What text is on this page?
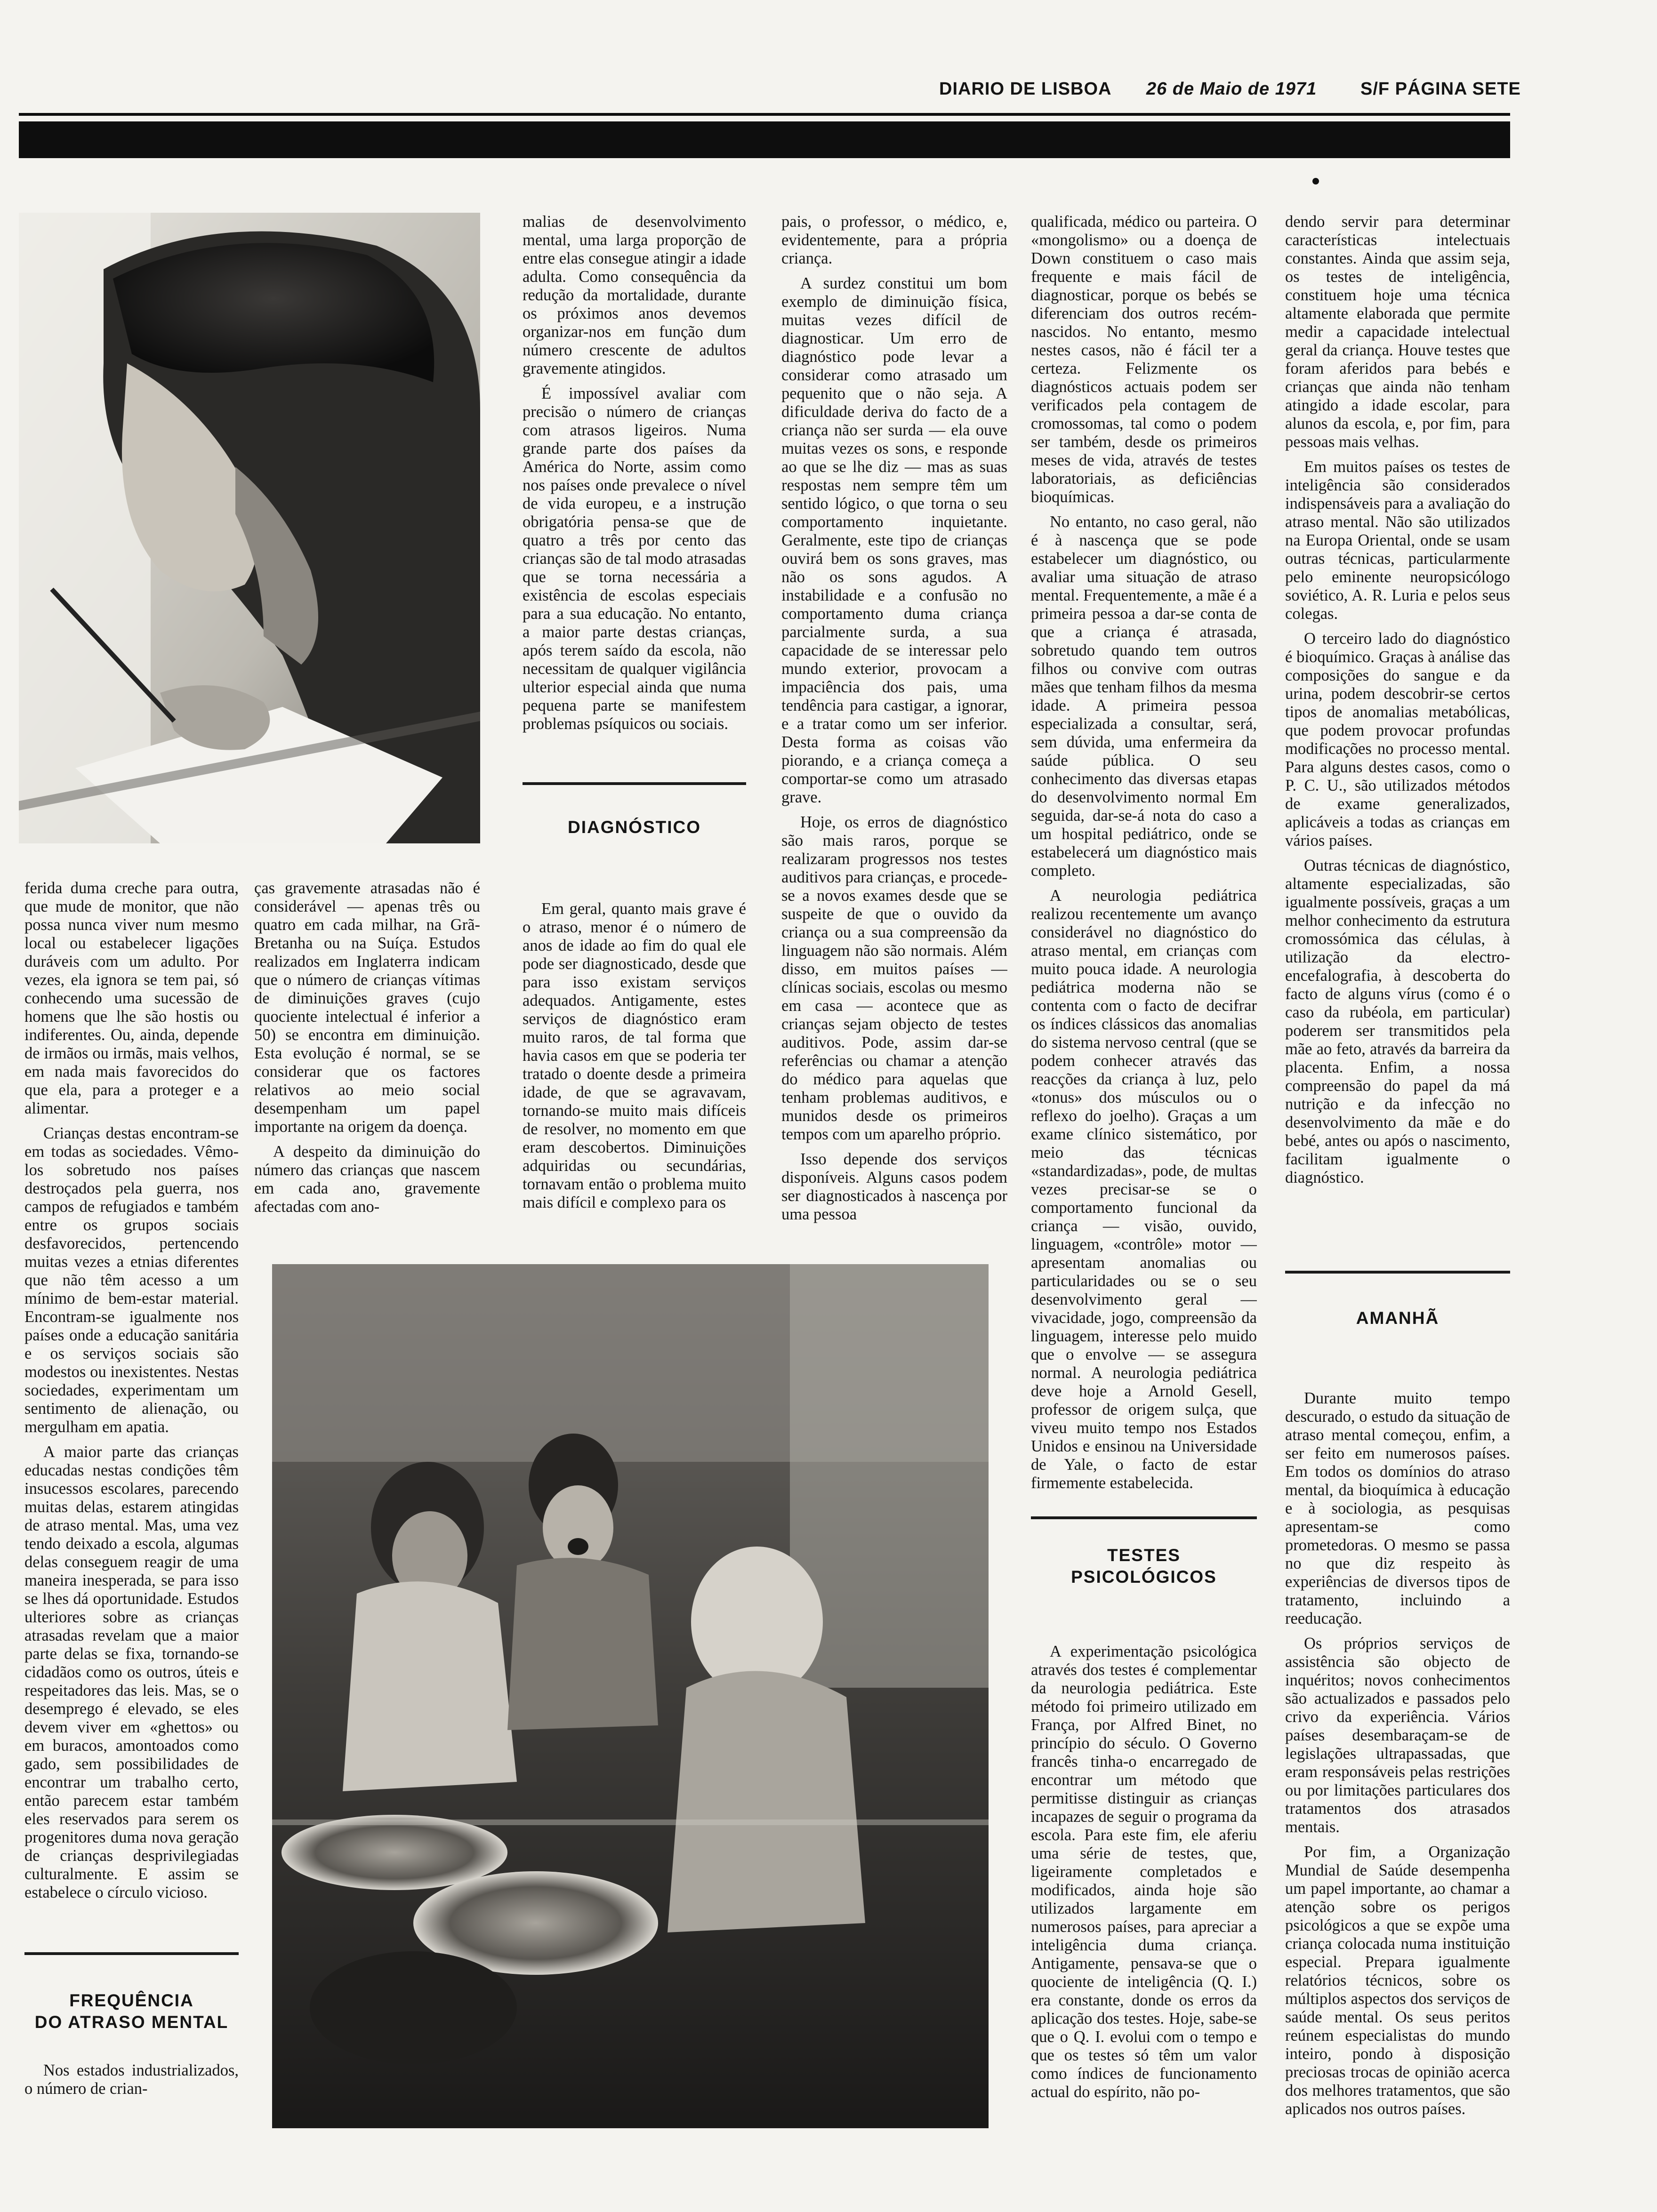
DIARIO DE LISBOA 26 de Maio de 1971 S/F PÁGINA SETE

ferida duma creche para outra, que mude de monitor, que não possa nunca viver num mesmo local ou estabelecer ligações duráveis com um adulto. Por vezes, ela ignora se tem pai, só conhecendo uma sucessão de homens que lhe são hostis ou indiferentes. Ou, ainda, depende de irmãos ou irmãs, mais velhos, em nada mais favorecidos do que ela, para a proteger e a alimentar.

Crianças destas encontram-se em todas as sociedades. Vêmo-los sobretudo nos países destroçados pela guerra, nos campos de refugiados e também entre os grupos sociais desfavorecidos, pertencendo muitas vezes a etnias diferentes que não têm acesso a um mínimo de bem-estar material. Encontram-se igualmente nos países onde a educação sanitária e os serviços sociais são modestos ou inexistentes. Nestas sociedades, experimentam um sentimento de alienação, ou mergulham em apatia.

A maior parte das crianças educadas nestas condições têm insucessos escolares, parecendo muitas delas, estarem atingidas de atraso mental. Mas, uma vez tendo deixado a escola, algumas delas conseguem reagir de uma maneira inesperada, se para isso se lhes dá oportunidade. Estudos ulteriores sobre as crianças atrasadas revelam que a maior parte delas se fixa, tornando-se cidadãos como os outros, úteis e respeitadores das leis. Mas, se o desemprego é elevado, se eles devem viver em «ghettos» ou em buracos, amontoados como gado, sem possibilidades de encontrar um trabalho certo, então parecem estar também eles reservados para serem os progenitores duma nova geração de crianças desprivilegiadas culturalmente. E assim se estabelece o círculo vicioso.

FREQUÊNCIA
DO ATRASO MENTAL

Nos estados industrializados, o número de crian-

ças gravemente atrasadas não é considerável — apenas três ou quatro em cada milhar, na Grã-Bretanha ou na Suíça. Estudos realizados em Inglaterra indicam que o número de crianças vítimas de diminuições graves (cujo quociente intelectual é inferior a 50) se encontra em diminuição. Esta evolução é normal, se se considerar que os factores relativos ao meio social desempenham um papel importante na origem da doença.

A despeito da diminuição do número das crianças que nascem em cada ano, gravemente afectadas com ano-

malias de desenvolvimento mental, uma larga proporção de entre elas consegue atingir a idade adulta. Como consequência da redução da mortalidade, durante os próximos anos devemos organizar-nos em função dum número crescente de adultos gravemente atingidos.

É impossível avaliar com precisão o número de crianças com atrasos ligeiros. Numa grande parte dos países da América do Norte, assim como nos países onde prevalece o nível de vida europeu, e a instrução obrigatória pensa-se que de quatro a três por cento das crianças são de tal modo atrasadas que se torna necessária a existência de escolas especiais para a sua educação. No entanto, a maior parte destas crianças, após terem saído da escola, não necessitam de qualquer vigilância ulterior especial ainda que numa pequena parte se manifestem problemas psíquicos ou sociais.

DIAGNÓSTICO

Em geral, quanto mais grave é o atraso, menor é o número de anos de idade ao fim do qual ele pode ser diagnosticado, desde que para isso existam serviços adequados. Antigamente, estes serviços de diagnóstico eram muito raros, de tal forma que havia casos em que se poderia ter tratado o doente desde a primeira idade, de que se agravavam, tornando-se muito mais difíceis de resolver, no momento em que eram descobertos. Diminuições adquiridas ou secundárias, tornavam então o problema muito mais difícil e complexo para os

pais, o professor, o médico, e, evidentemente, para a própria criança.

A surdez constitui um bom exemplo de diminuição física, muitas vezes difícil de diagnosticar. Um erro de diagnóstico pode levar a considerar como atrasado um pequenito que o não seja. A dificuldade deriva do facto de a criança não ser surda — ela ouve muitas vezes os sons, e responde ao que se lhe diz — mas as suas respostas nem sempre têm um sentido lógico, o que torna o seu comportamento inquietante. Geralmente, este tipo de crianças ouvirá bem os sons graves, mas não os sons agudos. A instabilidade e a confusão no comportamento duma criança parcialmente surda, a sua capacidade de se interessar pelo mundo exterior, provocam a impaciência dos pais, uma tendência para castigar, a ignorar, e a tratar como um ser inferior. Desta forma as coisas vão piorando, e a criança começa a comportar-se como um atrasado grave.

Hoje, os erros de diagnóstico são mais raros, porque se realizaram progressos nos testes auditivos para crianças, e procede-se a novos exames desde que se suspeite de que o ouvido da criança ou a sua compreensão da linguagem não são normais. Além disso, em muitos países — clínicas sociais, escolas ou mesmo em casa — acontece que as crianças sejam objecto de testes auditivos. Pode, assim dar-se referências ou chamar a atenção do médico para aquelas que tenham problemas auditivos, e munidos desde os primeiros tempos com um aparelho próprio.

Isso depende dos serviços disponíveis. Alguns casos podem ser diagnosticados à nascença por uma pessoa

qualificada, médico ou parteira. O «mongolismo» ou a doença de Down constituem o caso mais frequente e mais fácil de diagnosticar, porque os bebés se diferenciam dos outros recém-nascidos. No entanto, mesmo nestes casos, não é fácil ter a certeza. Felizmente os diagnósticos actuais podem ser verificados pela contagem de cromossomas, tal como o podem ser também, desde os primeiros meses de vida, através de testes laboratoriais, as deficiências bioquímicas.

No entanto, no caso geral, não é à nascença que se pode estabelecer um diagnóstico, ou avaliar uma situação de atraso mental. Frequentemente, a mãe é a primeira pessoa a dar-se conta de que a criança é atrasada, sobretudo quando tem outros filhos ou convive com outras mães que tenham filhos da mesma idade. A primeira pessoa especializada a consultar, será, sem dúvida, uma enfermeira da saúde pública. O seu conhecimento das diversas etapas do desenvolvimento normal Em seguida, dar-se-á nota do caso a um hospital pediátrico, onde se estabelecerá um diagnóstico mais completo.

A neurologia pediátrica realizou recentemente um avanço considerável no diagnóstico do atraso mental, em crianças com muito pouca idade. A neurologia pediátrica moderna não se contenta com o facto de decifrar os índices clássicos das anomalias do sistema nervoso central (que se podem conhecer através das reacções da criança à luz, pelo «tonus» dos músculos ou o reflexo do joelho). Graças a um exame clínico sistemático, por meio das técnicas «standardizadas», pode, de multas vezes precisar-se se o comportamento funcional da criança — visão, ouvido, linguagem, «contrôle» motor — apresentam anomalias ou particularidades ou se o seu desenvolvimento geral — vivacidade, jogo, compreensão da linguagem, interesse pelo muido que o envolve — se assegura normal. A neurologia pediátrica deve hoje a Arnold Gesell, professor de origem sulça, que viveu muito tempo nos Estados Unidos e ensinou na Universidade de Yale, o facto de estar firmemente estabelecida.

TESTES
PSICOLÓGICOS

A experimentação psicológica através dos testes é complementar da neurologia pediátrica. Este método foi primeiro utilizado em França, por Alfred Binet, no princípio do século. O Governo francês tinha-o encarregado de encontrar um método que permitisse distinguir as crianças incapazes de seguir o programa da escola. Para este fim, ele aferiu uma série de testes, que, ligeiramente completados e modificados, ainda hoje são utilizados largamente em numerosos países, para apreciar a inteligência duma criança. Antigamente, pensava-se que o quociente de inteligência (Q. I.) era constante, donde os erros da aplicação dos testes. Hoje, sabe-se que o Q. I. evolui com o tempo e que os testes só têm um valor como índices de funcionamento actual do espírito, não po-

dendo servir para determinar características intelectuais constantes. Ainda que assim seja, os testes de inteligência, constituem hoje uma técnica altamente elaborada que permite medir a capacidade intelectual geral da criança. Houve testes que foram aferidos para bebés e crianças que ainda não tenham atingido a idade escolar, para alunos da escola, e, por fim, para pessoas mais velhas.

Em muitos países os testes de inteligência são considerados indispensáveis para a avaliação do atraso mental. Não são utilizados na Europa Oriental, onde se usam outras técnicas, particularmente pelo eminente neuropsicólogo soviético, A. R. Luria e pelos seus colegas.

O terceiro lado do diagnóstico é bioquímico. Graças à análise das composições do sangue e da urina, podem descobrir-se certos tipos de anomalias metabólicas, que podem provocar profundas modificações no processo mental. Para alguns destes casos, como o P. C. U., são utilizados métodos de exame generalizados, aplicáveis a todas as crianças em vários países.

Outras técnicas de diagnóstico, altamente especializadas, são igualmente possíveis, graças a um melhor conhecimento da estrutura cromossómica das células, à utilização da electro-encefalografia, à descoberta do facto de alguns vírus (como é o caso da rubéola, em particular) poderem ser transmitidos pela mãe ao feto, através da barreira da placenta. Enfim, a nossa compreensão do papel da má nutrição e da infecção no desenvolvimento da mãe e do bebé, antes ou após o nascimento, facilitam igualmente o diagnóstico.

AMANHÃ

Durante muito tempo descurado, o estudo da situação de atraso mental começou, enfim, a ser feito em numerosos países. Em todos os domínios do atraso mental, da bioquímica à educação e à sociologia, as pesquisas apresentam-se como prometedoras. O mesmo se passa no que diz respeito às experiências de diversos tipos de tratamento, incluindo a reeducação.

Os próprios serviços de assistência são objecto de inquéritos; novos conhecimentos são actualizados e passados pelo crivo da experiência. Vários países desembaraçam-se de legislações ultrapassadas, que eram responsáveis pelas restrições ou por limitações particulares dos tratamentos dos atrasados mentais.

Por fim, a Organização Mundial de Saúde desempenha um papel importante, ao chamar a atenção sobre os perigos psicológicos a que se expõe uma criança colocada numa instituição especial. Prepara igualmente relatórios técnicos, sobre os múltiplos aspectos dos serviços de saúde mental. Os seus peritos reúnem especialistas do mundo inteiro, pondo à disposição preciosas trocas de opinião acerca dos melhores tratamentos, que são aplicados nos outros países.
